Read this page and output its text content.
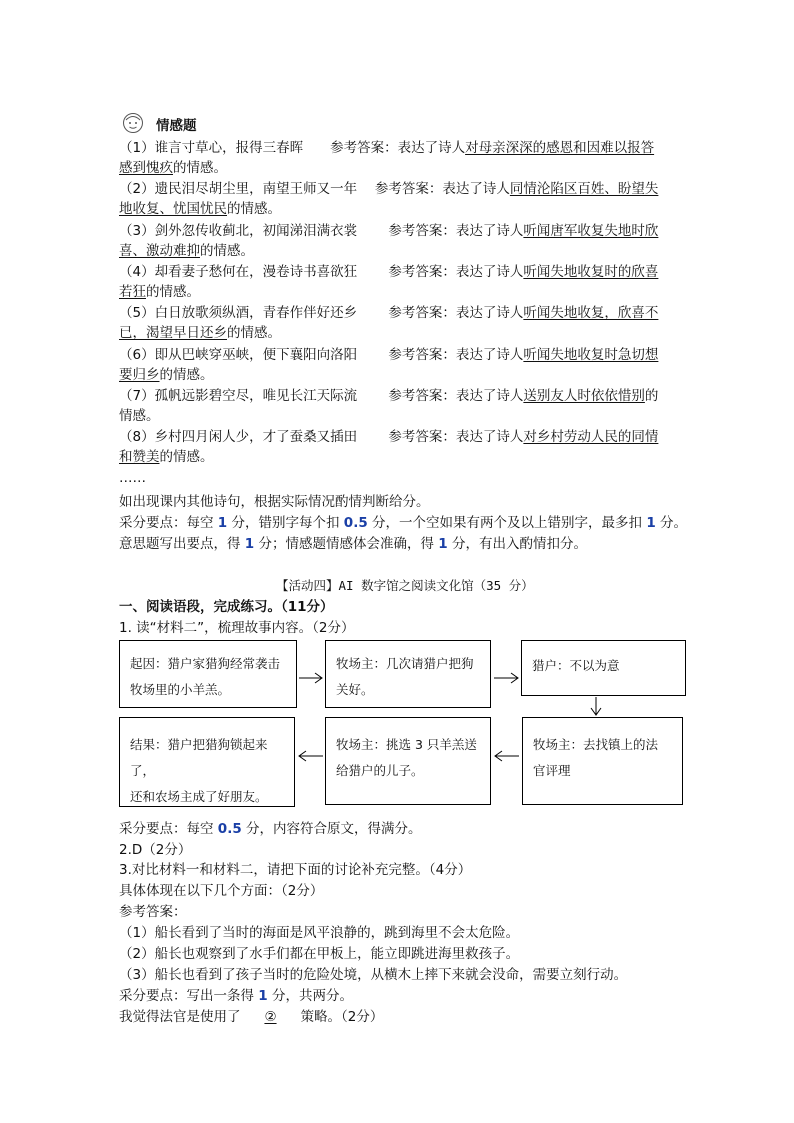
情感题
（1）谁言寸草心，报得三春晖　　参考答案：表达了诗人对母亲深深的感恩和因难以报答
感到愧疚的情感。
（2）遗民泪尽胡尘里，南望王师又一年　 参考答案：表达了诗人同情沦陷区百姓、盼望失
地收复、忧国忧民的情感。
（3）剑外忽传收蓟北，初闻涕泪满衣裳　　 参考答案：表达了诗人听闻唐军收复失地时欣
喜、激动难抑的情感。
（4）却看妻子愁何在，漫卷诗书喜欲狂　　 参考答案：表达了诗人听闻失地收复时的欣喜
若狂的情感。
（5）白日放歌须纵酒，青春作伴好还乡　　 参考答案：表达了诗人听闻失地收复，欣喜不
已，渴望早日还乡的情感。
（6）即从巴峡穿巫峡，便下襄阳向洛阳　　 参考答案：表达了诗人听闻失地收复时急切想
要归乡的情感。
（7）孤帆远影碧空尽，唯见长江天际流　　 参考答案：表达了诗人送别友人时依依惜别的
情感。
（8）乡村四月闲人少，才了蚕桑又插田　　 参考答案：表达了诗人对乡村劳动人民的同情
和赞美的情感。
……
如出现课内其他诗句，根据实际情况酌情判断给分。
采分要点：每空 1 分，错别字每个扣 0.5 分，一个空如果有两个及以上错别字，最多扣 1 分。
意思题写出要点，得 1 分；情感题情感体会准确，得 1 分，有出入酌情扣分。
【活动四】AI 数字馆之阅读文化馆（35 分）
一、阅读语段，完成练习。（11分）
1. 读“材料二”，梳理故事内容。（2分）
起因：猎户家猎狗经常袭击
牧场里的小羊羔。
牧场主：几次请猎户把狗
关好。
猎户：不以为意
牧场主：去找镇上的法
官评理
牧场主：挑选 3 只羊羔送
给猎户的儿子。
结果：猎户把猎狗锁起来了，
还和农场主成了好朋友。
采分要点：每空 0.5 分，内容符合原文，得满分。
2.D（2分）
3.对比材料一和材料二，请把下面的讨论补充完整。（4分）
具体体现在以下几个方面：（2分）
参考答案：
（1）船长看到了当时的海面是风平浪静的，跳到海里不会太危险。
（2）船长也观察到了水手们都在甲板上，能立即跳进海里救孩子。
（3）船长也看到了孩子当时的危险处境，从横木上摔下来就会没命，需要立刻行动。
采分要点：写出一条得 1 分，共两分。
我觉得法官是使用了 ② 策略。（2分）
